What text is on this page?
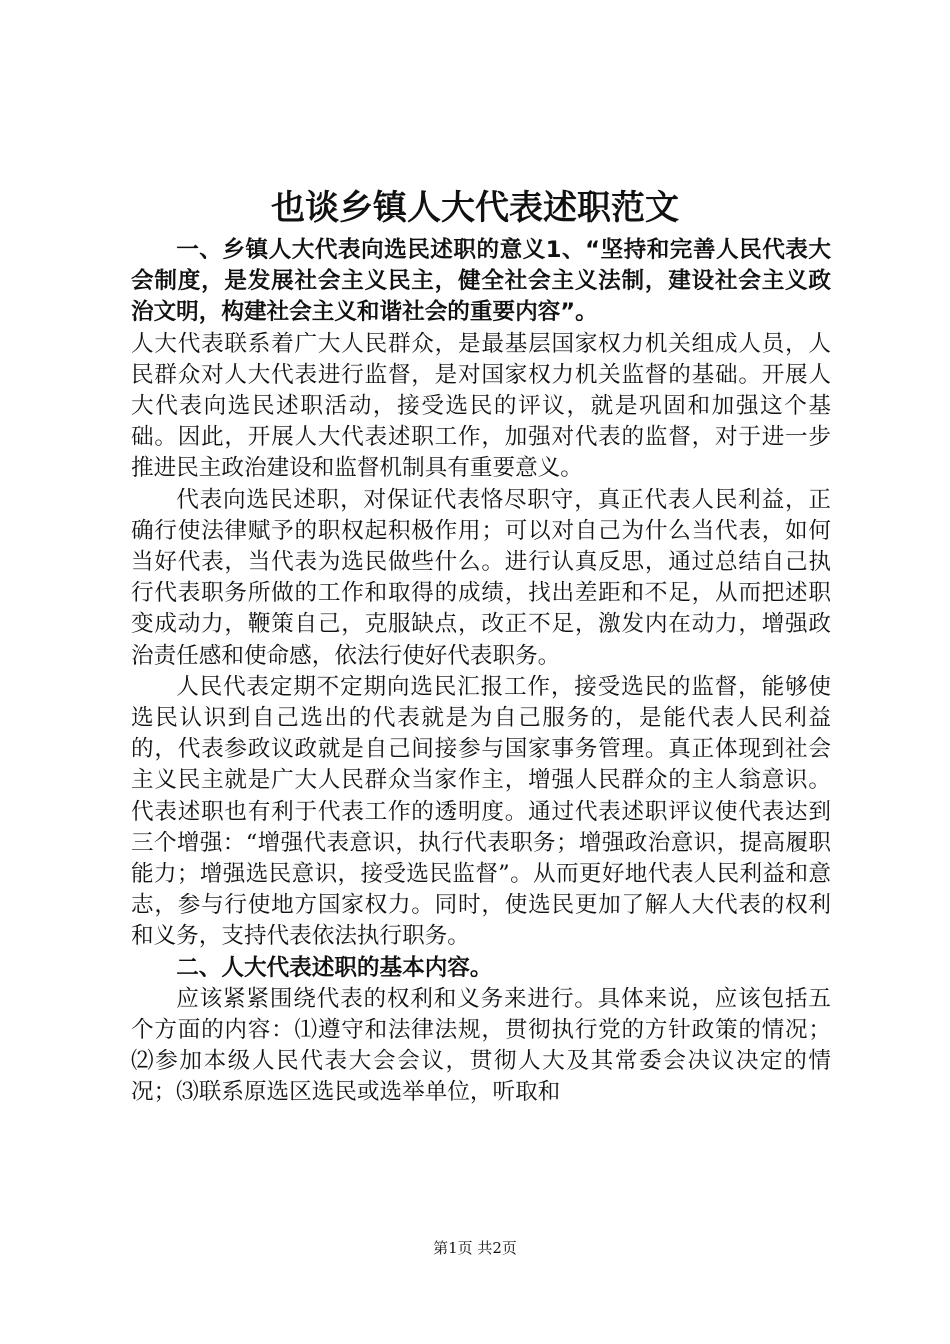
也谈乡镇人大代表述职范文

一、乡镇人大代表向选民述职的意义1、“坚持和完善人民代表大会制度，是发展社会主义民主，健全社会主义法制，建设社会主义政治文明，构建社会主义和谐社会的重要内容”。

人大代表联系着广大人民群众，是最基层国家权力机关组成人员，人民群众对人大代表进行监督，是对国家权力机关监督的基础。开展人大代表向选民述职活动，接受选民的评议，就是巩固和加强这个基础。因此，开展人大代表述职工作，加强对代表的监督，对于进一步推进民主政治建设和监督机制具有重要意义。

代表向选民述职，对保证代表恪尽职守，真正代表人民利益，正确行使法律赋予的职权起积极作用；可以对自己为什么当代表，如何当好代表，当代表为选民做些什么。进行认真反思，通过总结自己执行代表职务所做的工作和取得的成绩，找出差距和不足，从而把述职变成动力，鞭策自己，克服缺点，改正不足，激发内在动力，增强政治责任感和使命感，依法行使好代表职务。

人民代表定期不定期向选民汇报工作，接受选民的监督，能够使选民认识到自己选出的代表就是为自己服务的，是能代表人民利益的，代表参政议政就是自己间接参与国家事务管理。真正体现到社会主义民主就是广大人民群众当家作主，增强人民群众的主人翁意识。代表述职也有利于代表工作的透明度。通过代表述职评议使代表达到三个增强：“增强代表意识，执行代表职务；增强政治意识，提高履职能力；增强选民意识，接受选民监督”。从而更好地代表人民利益和意志，参与行使地方国家权力。同时，使选民更加了解人大代表的权利和义务，支持代表依法执行职务。

二、人大代表述职的基本内容。

应该紧紧围绕代表的权利和义务来进行。具体来说，应该包括五个方面的内容：⑴遵守和法律法规，贯彻执行党的方针政策的情况；⑵参加本级人民代表大会会议，贯彻人大及其常委会决议决定的情况；⑶联系原选区选民或选举单位，听取和

第1页 共2页
